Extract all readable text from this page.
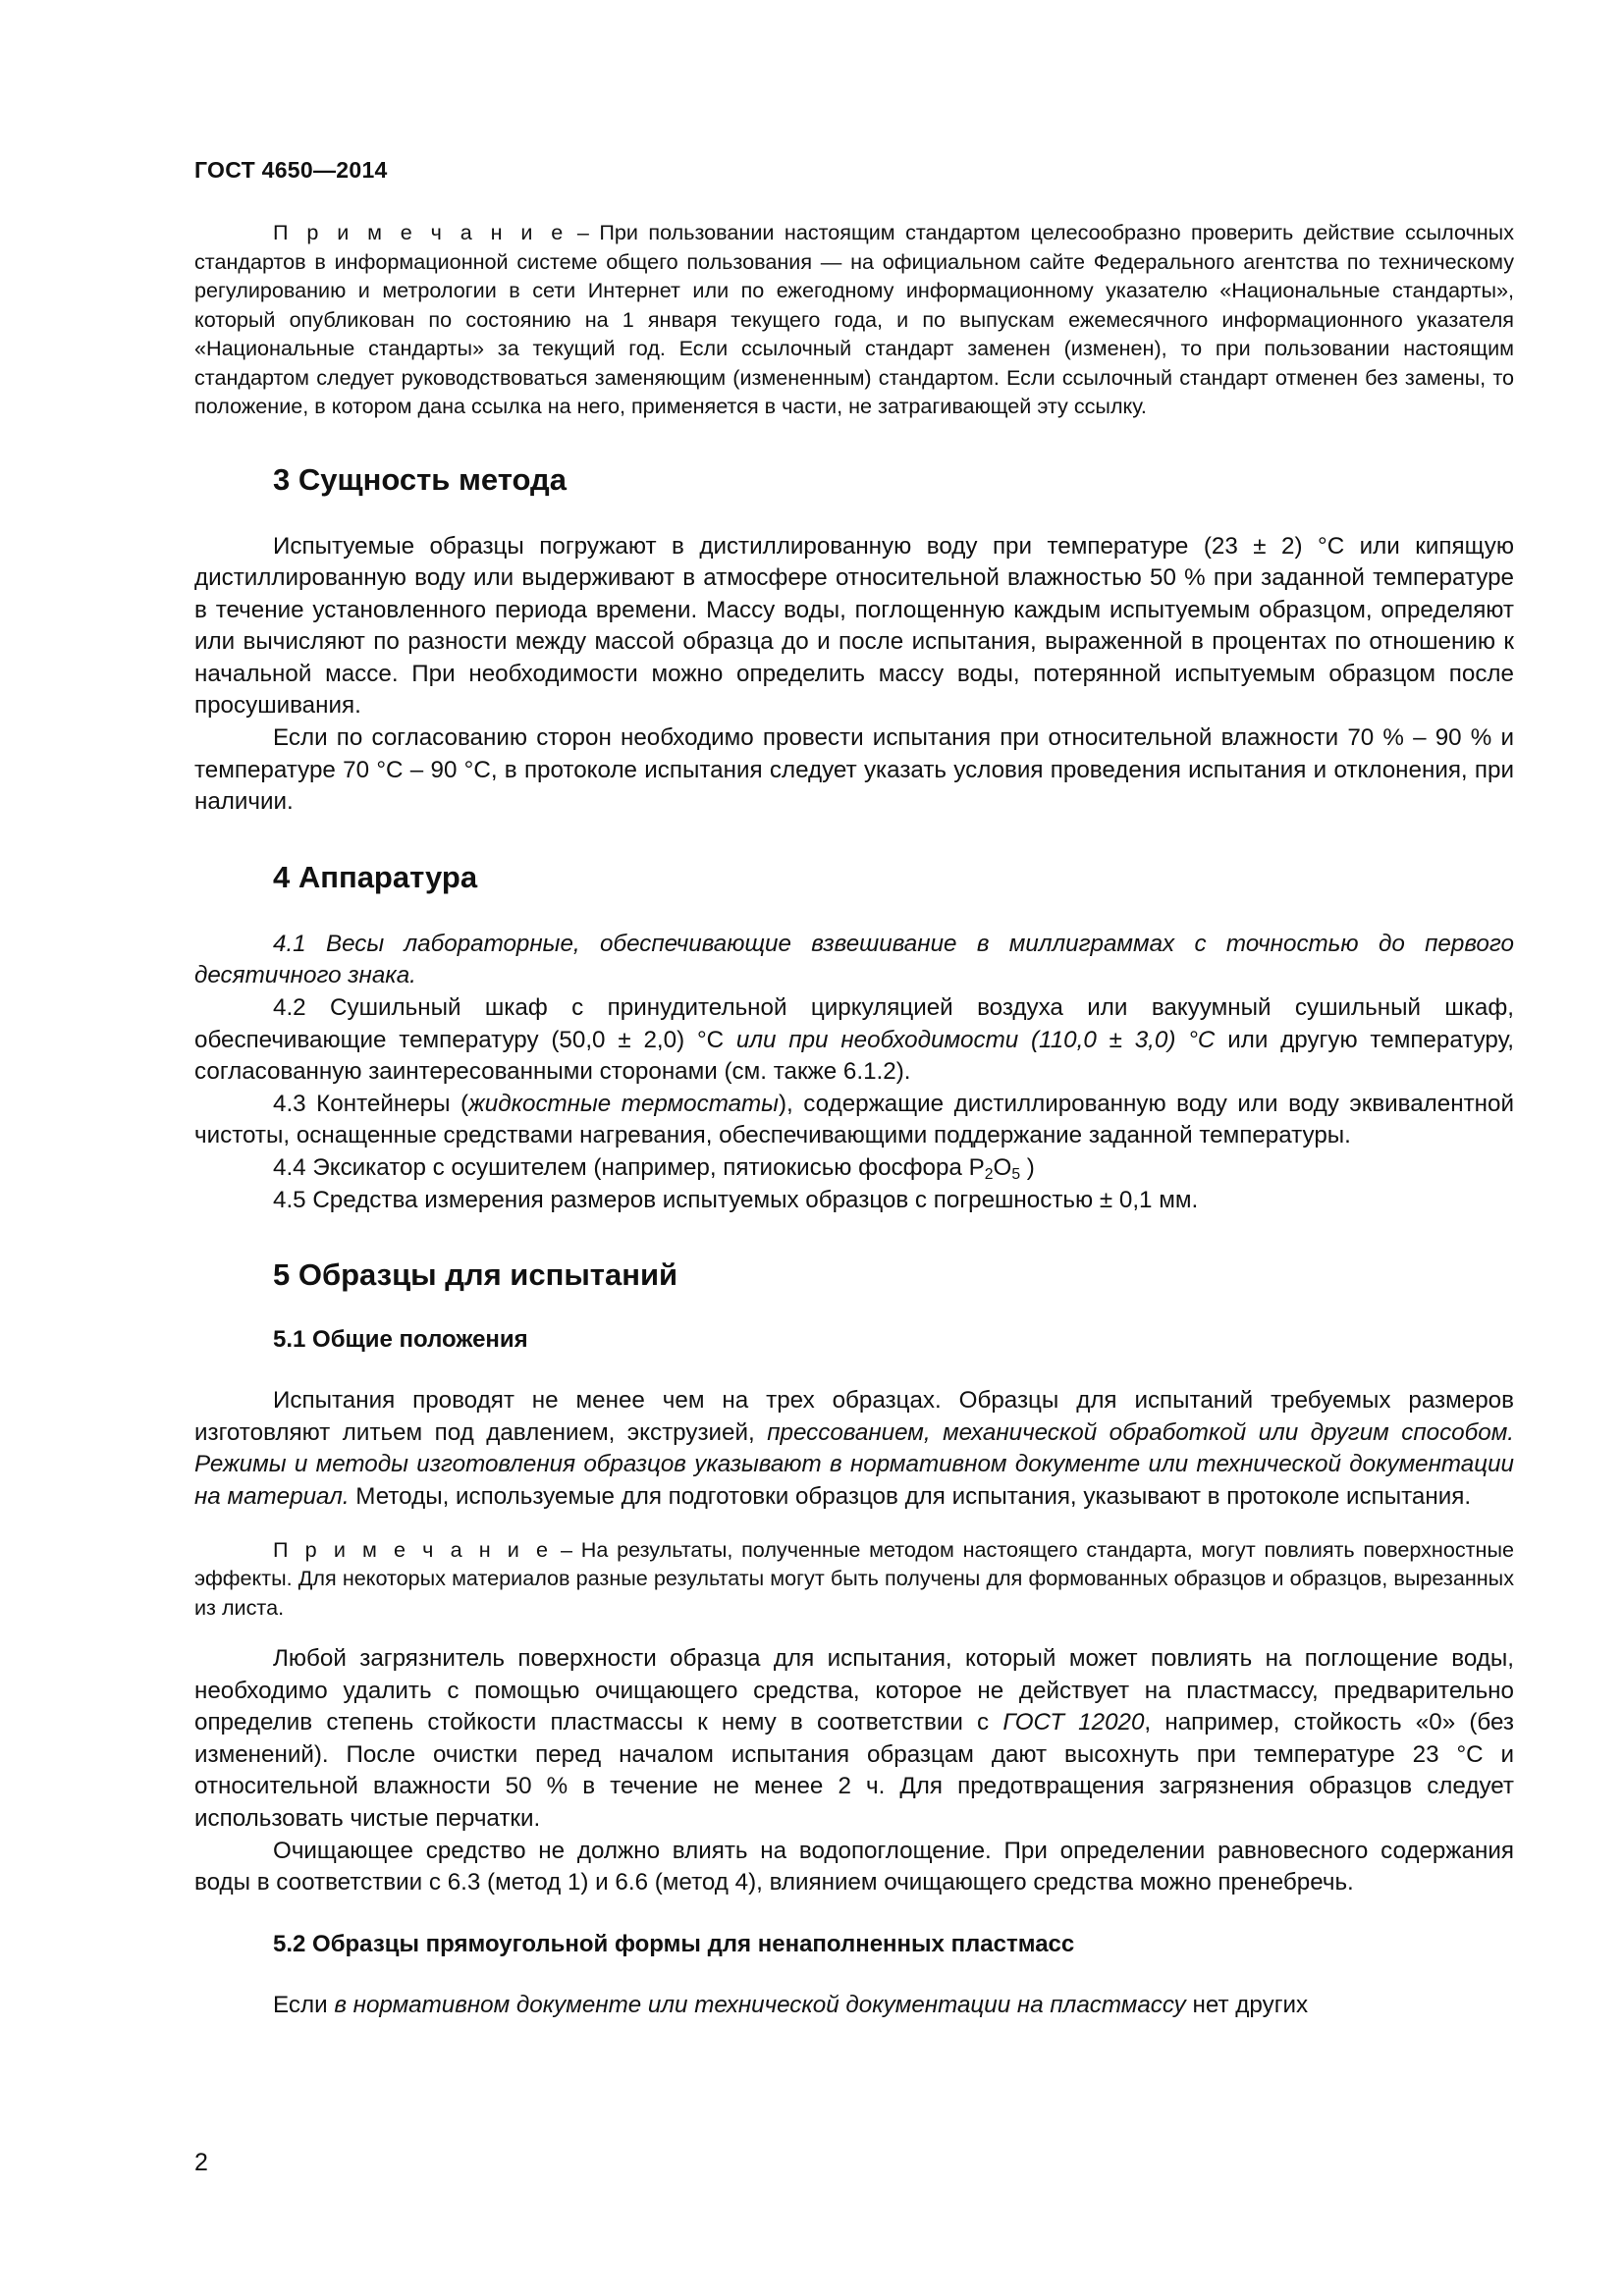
ГОСТ 4650—2014

П р и м е ч а н и е – При пользовании настоящим стандартом целесообразно проверить действие ссылочных стандартов в информационной системе общего пользования — на официальном сайте Федерального агентства по техническому регулированию и метрологии в сети Интернет или по ежегодному информационному указателю «Национальные стандарты», который опубликован по состоянию на 1 января текущего года, и по выпускам ежемесячного информационного указателя «Национальные стандарты» за текущий год. Если ссылочный стандарт заменен (изменен), то при пользовании настоящим стандартом следует руководствоваться заменяющим (измененным) стандартом. Если ссылочный стандарт отменен без замены, то положение, в котором дана ссылка на него, применяется в части, не затрагивающей эту ссылку.

3 Сущность метода

Испытуемые образцы погружают в дистиллированную воду при температуре (23 ± 2) °С или кипящую дистиллированную воду или выдерживают в атмосфере относительной влажностью 50 % при заданной температуре в течение установленного периода времени. Массу воды, поглощенную каждым испытуемым образцом, определяют или вычисляют по разности между массой образца до и после испытания, выраженной в процентах по отношению к начальной массе. При необходимости можно определить массу воды, потерянной испытуемым образцом после просушивания.

Если по согласованию сторон необходимо провести испытания при относительной влажности 70 % – 90 % и температуре 70 °С – 90 °С, в протоколе испытания следует указать условия проведения испытания и отклонения, при наличии.

4 Аппаратура

4.1 Весы лабораторные, обеспечивающие взвешивание в миллиграммах с точностью до первого десятичного знака.

4.2 Сушильный шкаф с принудительной циркуляцией воздуха или вакуумный сушильный шкаф, обеспечивающие температуру (50,0 ± 2,0) °С или при необходимости (110,0 ± 3,0) °С или другую температуру, согласованную заинтересованными сторонами (см. также 6.1.2).

4.3 Контейнеры (жидкостные термостаты), содержащие дистиллированную воду или воду эквивалентной чистоты, оснащенные средствами нагревания, обеспечивающими поддержание заданной температуры.

4.4 Эксикатор с осушителем (например, пятиокисью фосфора $Р_2О_5$ )

4.5 Средства измерения размеров испытуемых образцов с погрешностью ± 0,1 мм.

5 Образцы для испытаний
5.1 Общие положения

Испытания проводят не менее чем на трех образцах. Образцы для испытаний требуемых размеров изготовляют литьем под давлением, экструзией, прессованием, механической обработкой или другим способом. Режимы и методы изготовления образцов указывают в нормативном документе или технической документации на материал. Методы, используемые для подготовки образцов для испытания, указывают в протоколе испытания.

П р и м е ч а н и е – На результаты, полученные методом настоящего стандарта, могут повлиять поверхностные эффекты. Для некоторых материалов разные результаты могут быть получены для формованных образцов и образцов, вырезанных из листа.

Любой загрязнитель поверхности образца для испытания, который может повлиять на поглощение воды, необходимо удалить с помощью очищающего средства, которое не действует на пластмассу, предварительно определив степень стойкости пластмассы к нему в соответствии с ГОСТ 12020, например, стойкость «0» (без изменений). После очистки перед началом испытания образцам дают высохнуть при температуре 23 °С и относительной влажности 50 % в течение не менее 2 ч. Для предотвращения загрязнения образцов следует использовать чистые перчатки.

Очищающее средство не должно влиять на водопоглощение. При определении равновесного содержания воды в соответствии с 6.3 (метод 1) и 6.6 (метод 4), влиянием очищающего средства можно пренебречь.

5.2 Образцы прямоугольной формы для ненаполненных пластмасс

Если в нормативном документе или технической документации на пластмассу нет других

2
